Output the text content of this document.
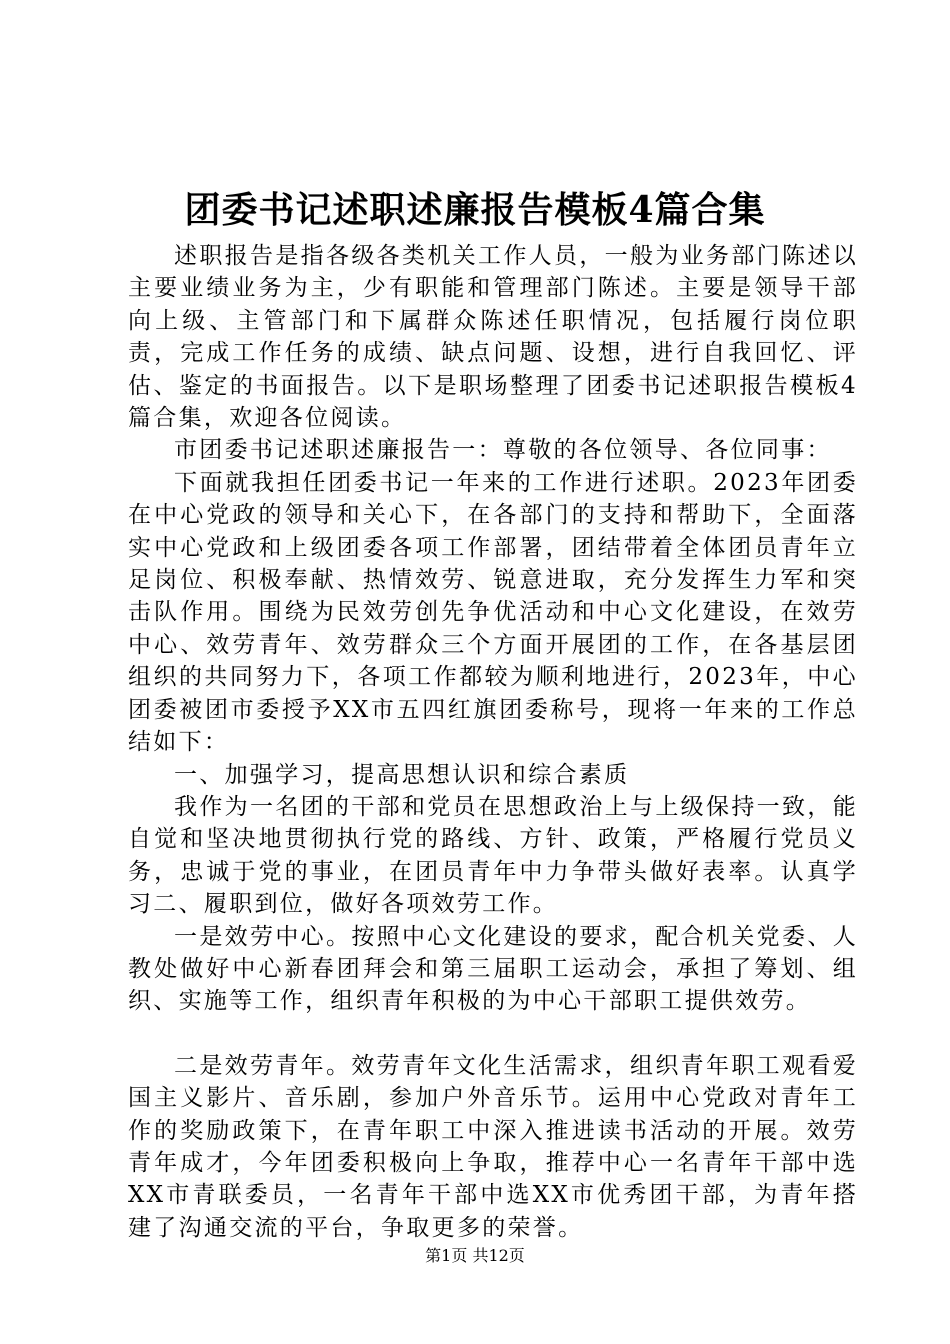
团委书记述职述廉报告模板4篇合集

述职报告是指各级各类机关工作人员，一般为业务部门陈述以主要业绩业务为主，少有职能和管理部门陈述。主要是领导干部向上级、主管部门和下属群众陈述任职情况，包括履行岗位职责，完成工作任务的成绩、缺点问题、设想，进行自我回忆、评估、鉴定的书面报告。以下是职场整理了团委书记述职报告模板4篇合集，欢迎各位阅读。

市团委书记述职述廉报告一：尊敬的各位领导、各位同事：

下面就我担任团委书记一年来的工作进行述职。2023年团委在中心党政的领导和关心下，在各部门的支持和帮助下，全面落实中心党政和上级团委各项工作部署，团结带着全体团员青年立足岗位、积极奉献、热情效劳、锐意进取，充分发挥生力军和突击队作用。围绕为民效劳创先争优活动和中心文化建设，在效劳中心、效劳青年、效劳群众三个方面开展团的工作，在各基层团组织的共同努力下，各项工作都较为顺利地进行，2023年，中心团委被团市委授予XX市五四红旗团委称号，现将一年来的工作总结如下：

一、加强学习，提高思想认识和综合素质

我作为一名团的干部和党员在思想政治上与上级保持一致，能自觉和坚决地贯彻执行党的路线、方针、政策，严格履行党员义务，忠诚于党的事业，在团员青年中力争带头做好表率。认真学习二、履职到位，做好各项效劳工作。

一是效劳中心。按照中心文化建设的要求，配合机关党委、人教处做好中心新春团拜会和第三届职工运动会，承担了筹划、组织、实施等工作，组织青年积极的为中心干部职工提供效劳。

二是效劳青年。效劳青年文化生活需求，组织青年职工观看爱国主义影片、音乐剧，参加户外音乐节。运用中心党政对青年工作的奖励政策下，在青年职工中深入推进读书活动的开展。效劳青年成才，今年团委积极向上争取，推荐中心一名青年干部中选XX市青联委员，一名青年干部中选XX市优秀团干部，为青年搭建了沟通交流的平台，争取更多的荣誉。

第1页 共12页
